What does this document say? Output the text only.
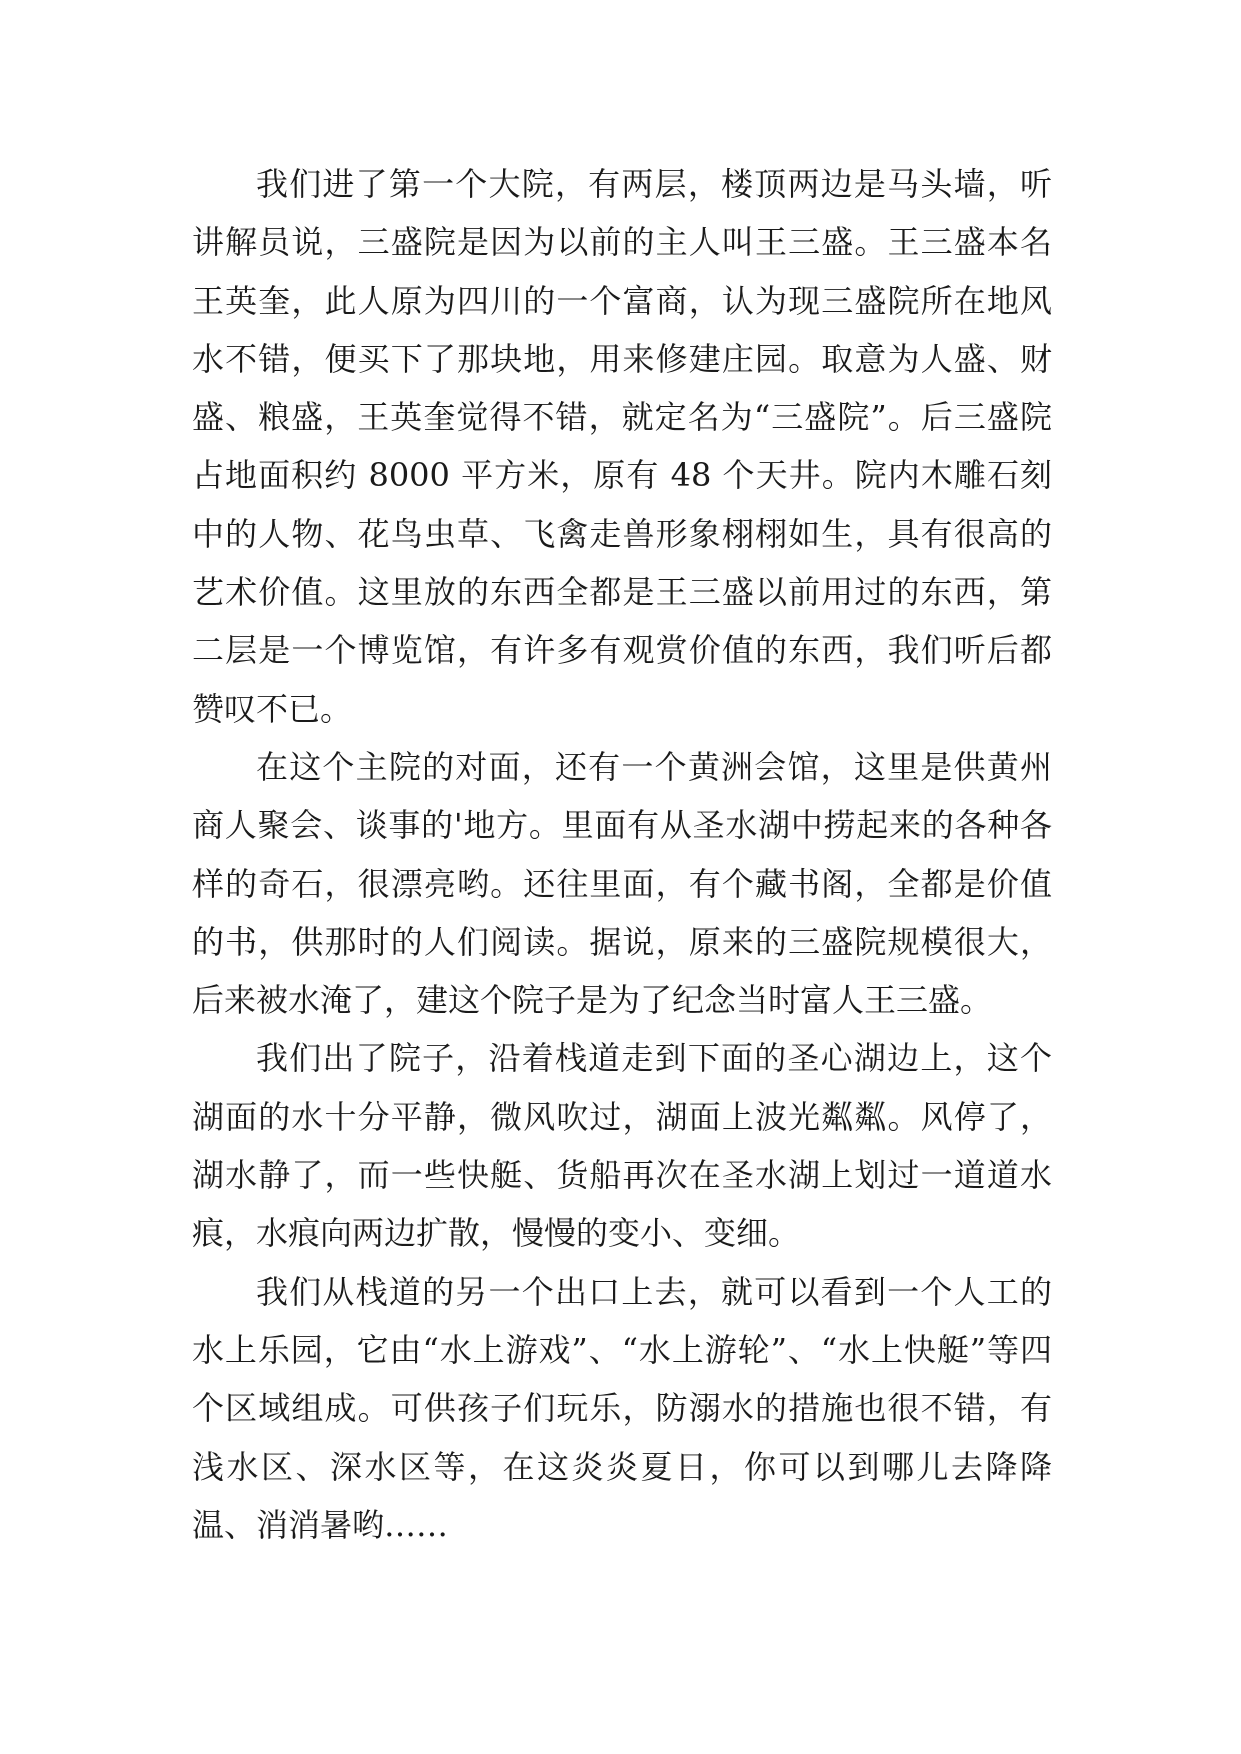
我们进了第一个大院，有两层，楼顶两边是马头墙，听讲解员说，三盛院是因为以前的主人叫王三盛。王三盛本名王英奎，此人原为四川的一个富商，认为现三盛院所在地风水不错，便买下了那块地，用来修建庄园。取意为人盛、财盛、粮盛，王英奎觉得不错，就定名为“三盛院”。后三盛院占地面积约 8000 平方米，原有 48 个天井。院内木雕石刻中的人物、花鸟虫草、飞禽走兽形象栩栩如生，具有很高的艺术价值。这里放的东西全都是王三盛以前用过的东西，第二层是一个博览馆，有许多有观赏价值的东西，我们听后都赞叹不已。

在这个主院的对面，还有一个黄洲会馆，这里是供黄州商人聚会、谈事的'地方。里面有从圣水湖中捞起来的各种各样的奇石，很漂亮哟。还往里面，有个藏书阁，全都是价值的书，供那时的人们阅读。据说，原来的三盛院规模很大，后来被水淹了，建这个院子是为了纪念当时富人王三盛。

我们出了院子，沿着栈道走到下面的圣心湖边上，这个湖面的水十分平静，微风吹过，湖面上波光粼粼。风停了，湖水静了，而一些快艇、货船再次在圣水湖上划过一道道水痕，水痕向两边扩散，慢慢的变小、变细。

我们从栈道的另一个出口上去，就可以看到一个人工的水上乐园，它由“水上游戏”、“水上游轮”、“水上快艇”等四个区域组成。可供孩子们玩乐，防溺水的措施也很不错，有浅水区、深水区等，在这炎炎夏日，你可以到哪儿去降降温、消消暑哟……
